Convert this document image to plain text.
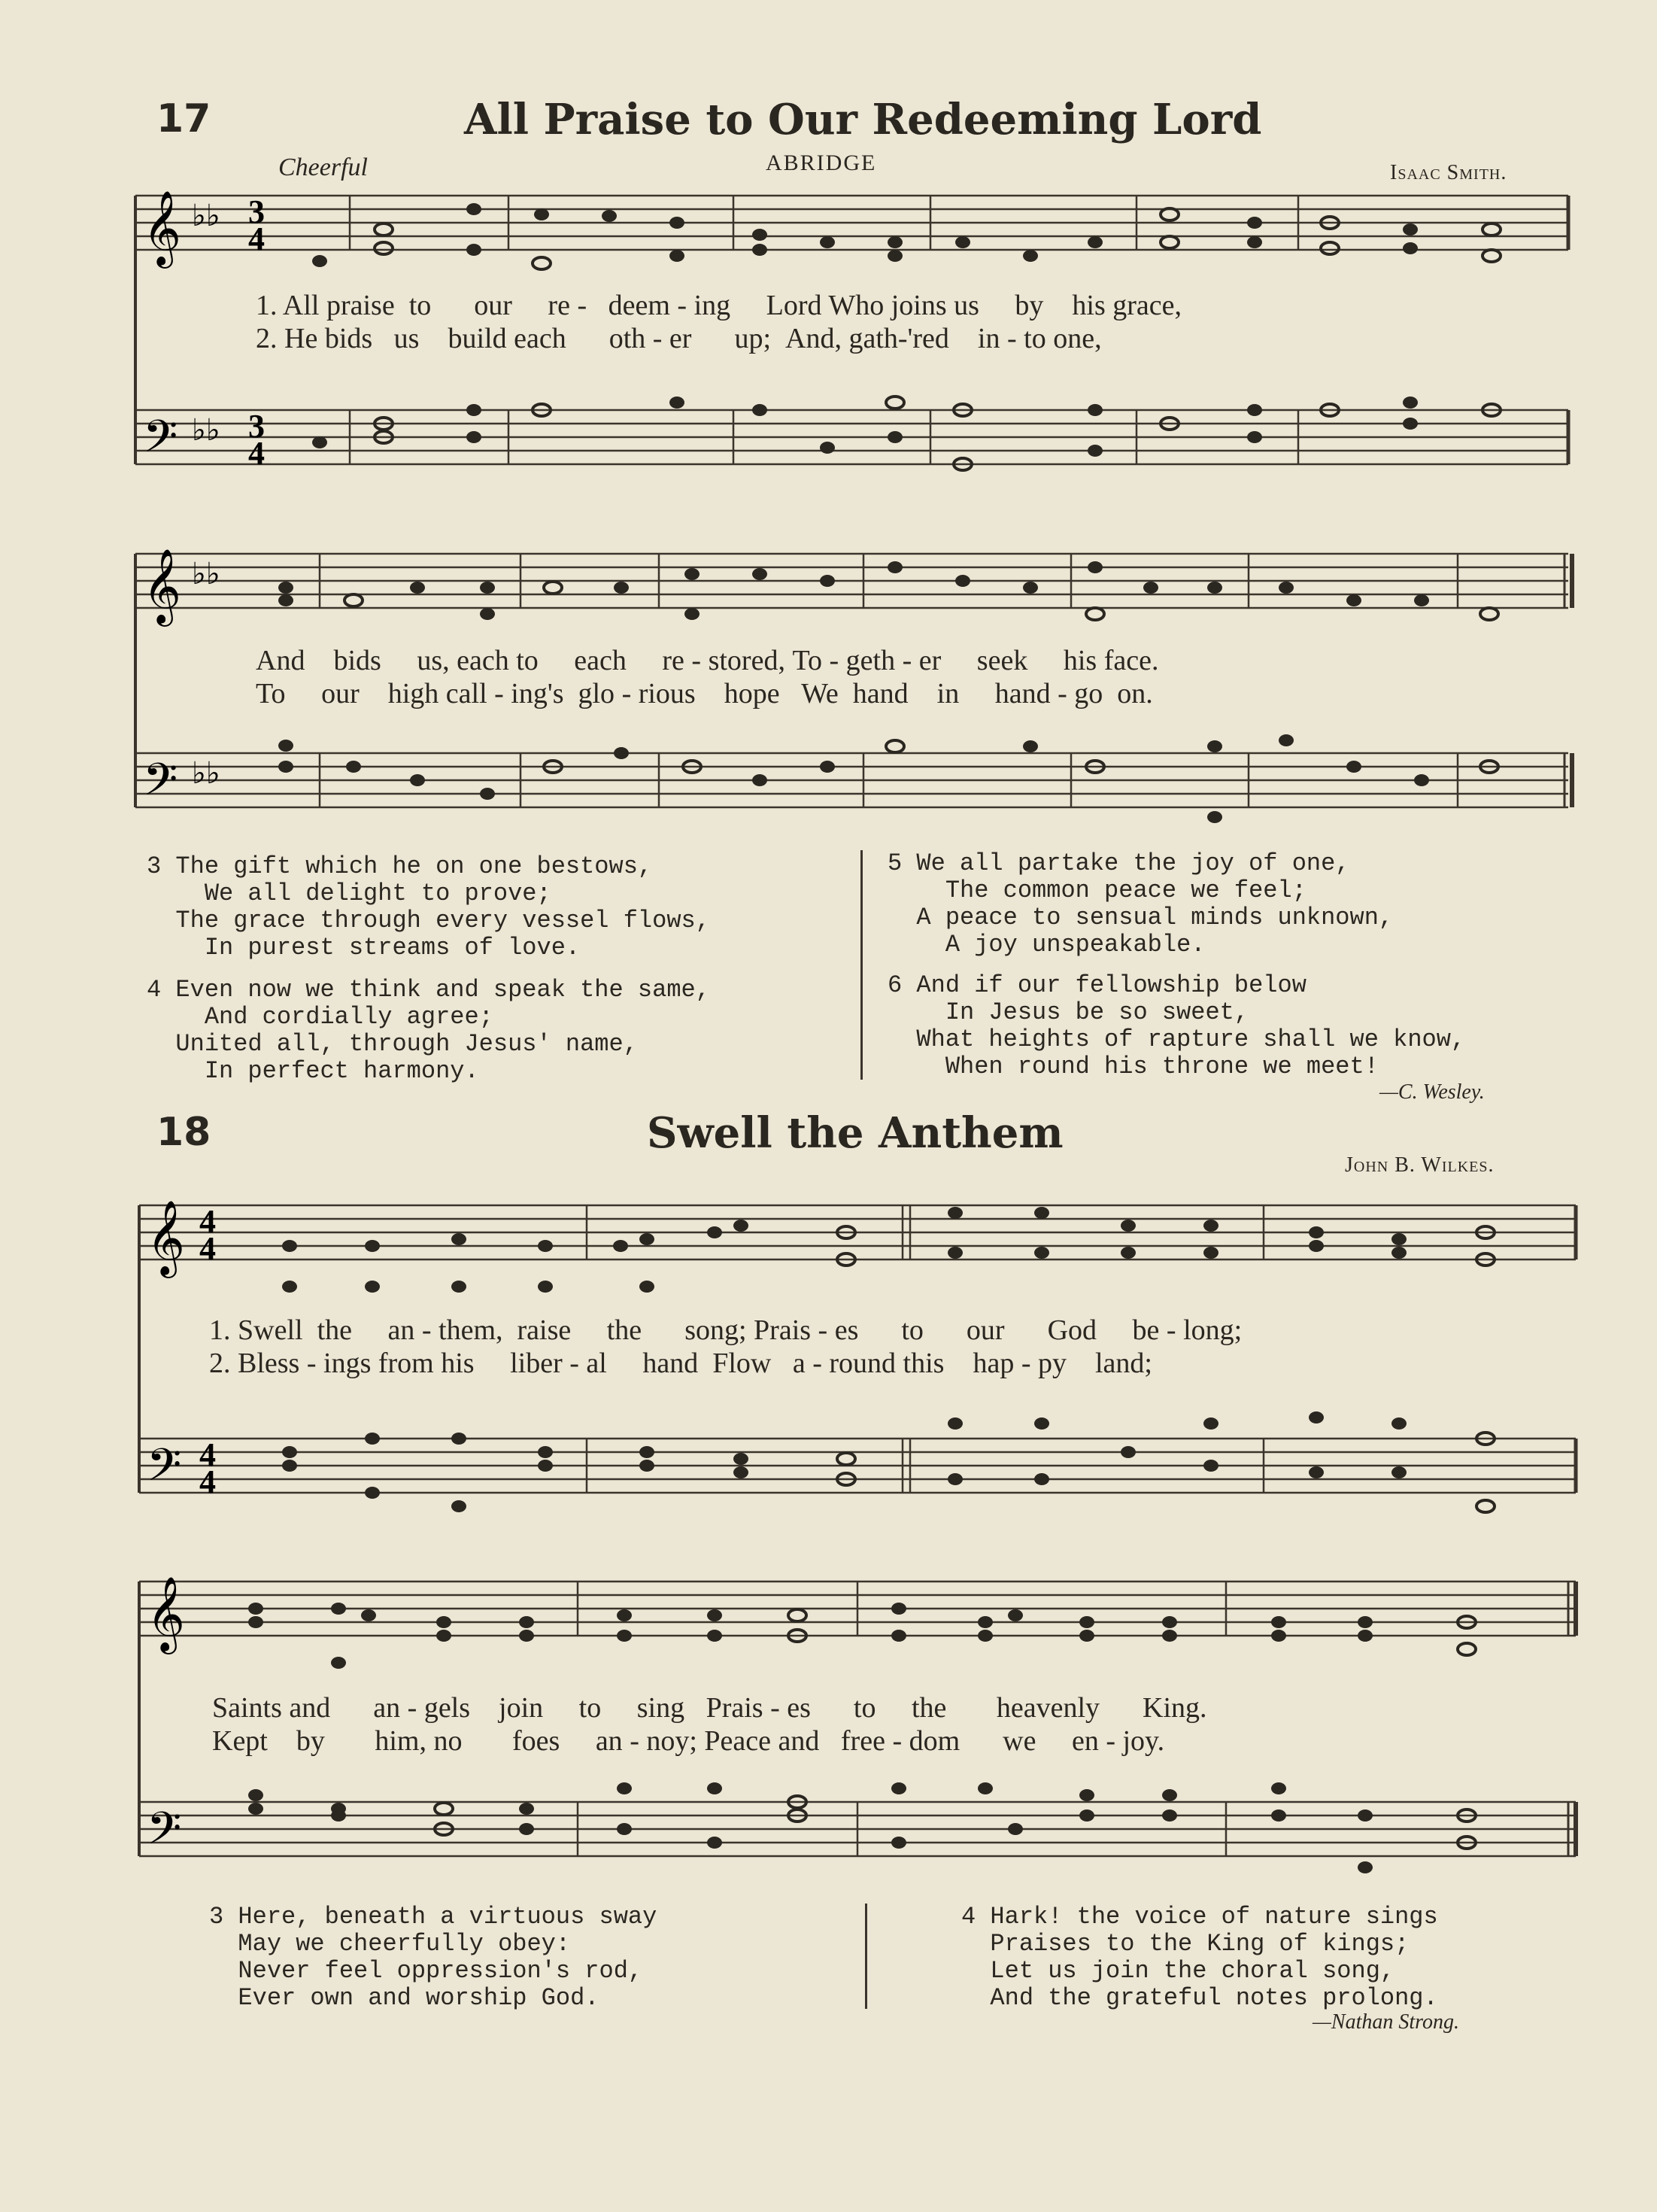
17	All Praise to Our Redeeming Lord
Cheerful	ABRIDGE	Isaac Smith.
𝄞
𝄢
♭♭
♭♭
3
4
3
4
1. All praise to our re - deem - ing Lord Who joins us by his grace,
2. He bids us build each oth - er up; And, gath-'red in - to one,
𝄞
𝄢
♭♭
♭♭
And bids us, each to each re - stored, To - geth - er seek his face.
To our high call - ing's glo - rious hope We hand in hand - go on.
3 The gift which he on one bestows,
We all delight to prove;
The grace through every vessel flows,
In purest streams of love.
4 Even now we think and speak the same,
And cordially agree;
United all, through Jesus' name,
In perfect harmony.
5 We all partake the joy of one,
The common peace we feel;
A peace to sensual minds unknown,
A joy unspeakable.
6 And if our fellowship below
In Jesus be so sweet,
What heights of rapture shall we know,
When round his throne we meet!
—C. Wesley.
18	Swell the Anthem
John B. Wilkes.
𝄞
𝄢
4
4
4
4
1. Swell the an - them, raise the song; Prais - es to our God be - long;
2. Bless - ings from his liber - al hand Flow a - round this hap - py land;
𝄞
𝄢
Saints and an - gels join to sing Prais - es to the heavenly King.
Kept by him, no foes an - noy; Peace and free - dom we en - joy.
3 Here, beneath a virtuous sway
May we cheerfully obey:
Never feel oppression's rod,
Ever own and worship God.
4 Hark! the voice of nature sings
Praises to the King of kings;
Let us join the choral song,
And the grateful notes prolong.
—Nathan Strong.
